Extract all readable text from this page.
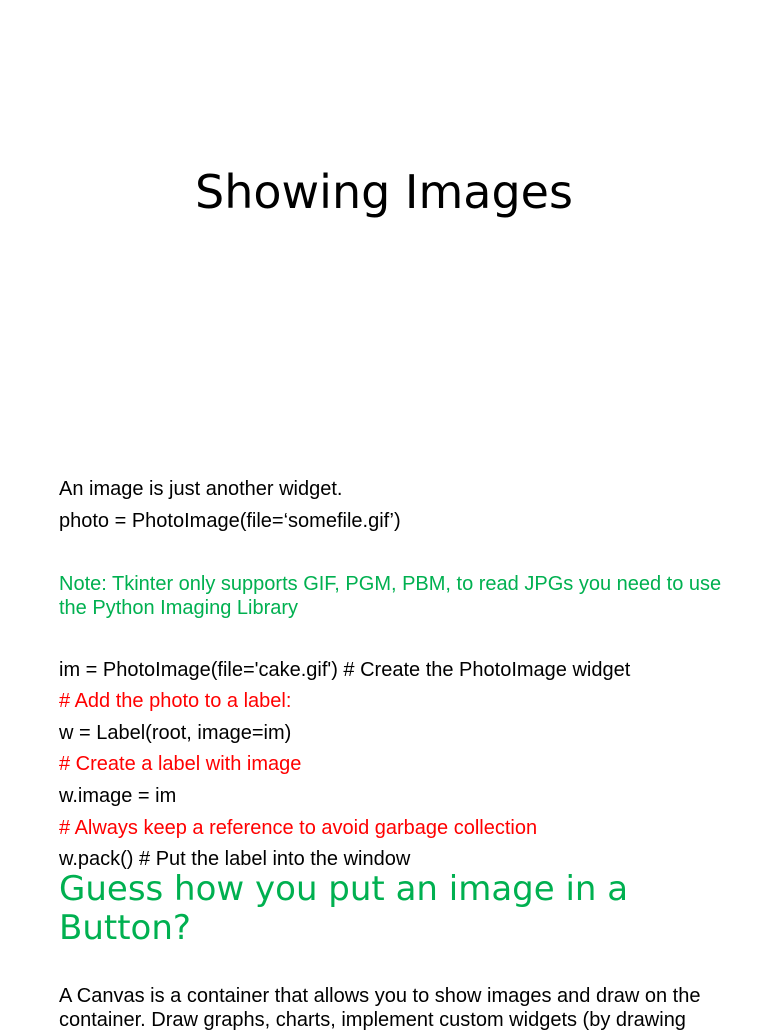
Showing Images
An image is just another widget.
photo = PhotoImage(file=‘somefile.gif’)
Note: Tkinter only supports GIF, PGM, PBM, to read JPGs you need to use the Python Imaging Library
im = PhotoImage(file='cake.gif') # Create the PhotoImage widget
# Add the photo to a label:
w = Label(root, image=im)
# Create a label with image
w.image = im
# Always keep a reference to avoid garbage collection
w.pack() # Put the label into the window
Guess how you put an image in a Button?
A Canvas is a container that allows you to show images and draw on the container. Draw graphs, charts, implement custom widgets (by drawing
